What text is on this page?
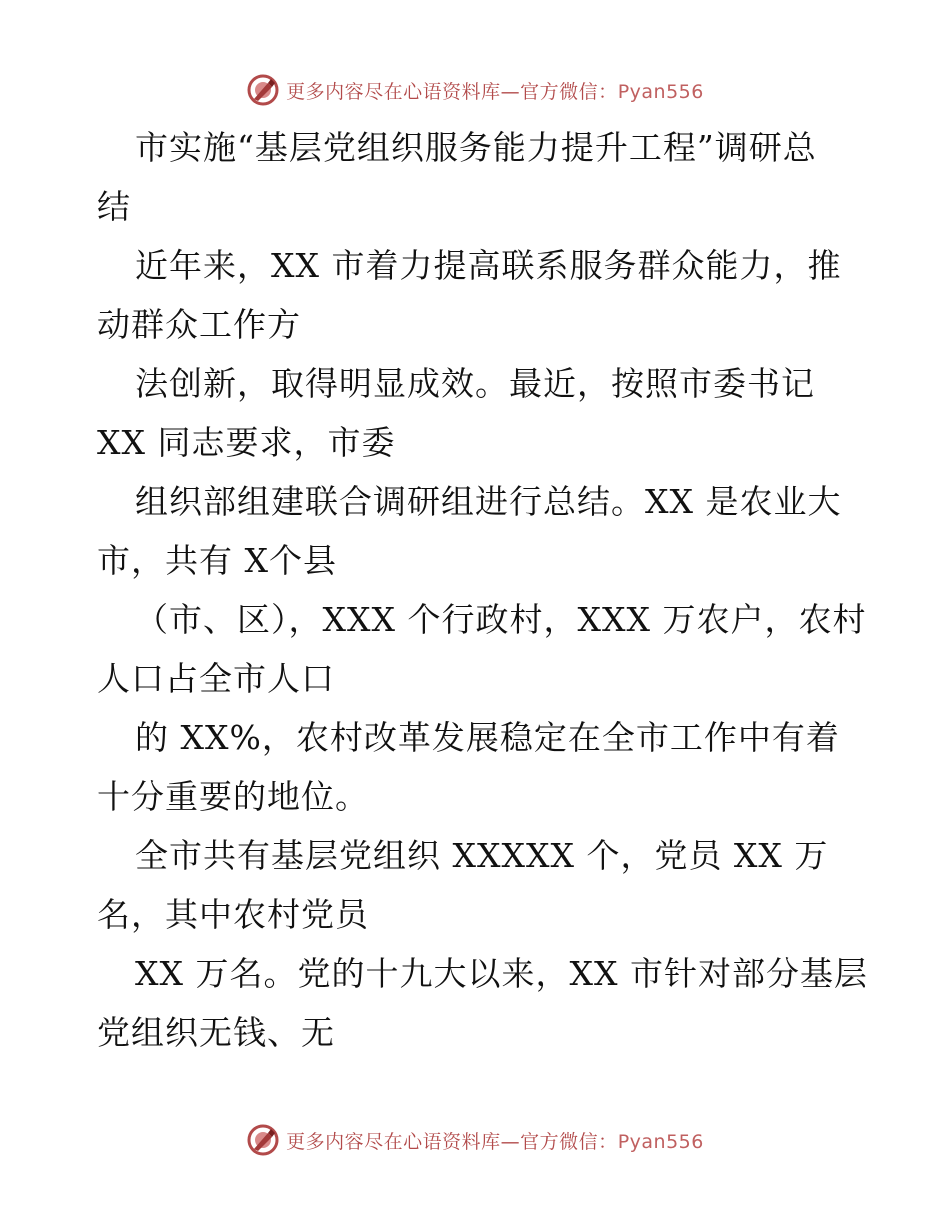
更多内容尽在心语资料库—官方微信：Pyan556
市实施“基层党组织服务能力提升工程”调研总
结
近年来，XX 市着力提高联系服务群众能力，推
动群众工作方
法创新，取得明显成效。最近，按照市委书记
XX 同志要求，市委
组织部组建联合调研组进行总结。XX 是农业大
市，共有 X个县
（市、区），XXX 个行政村，XXX 万农户，农村
人口占全市人口
的 XX%，农村改革发展稳定在全市工作中有着
十分重要的地位。
全市共有基层党组织 XXXXX 个，党员 XX 万
名，其中农村党员
XX 万名。党的十九大以来，XX 市针对部分基层
党组织无钱、无
更多内容尽在心语资料库—官方微信：Pyan556
